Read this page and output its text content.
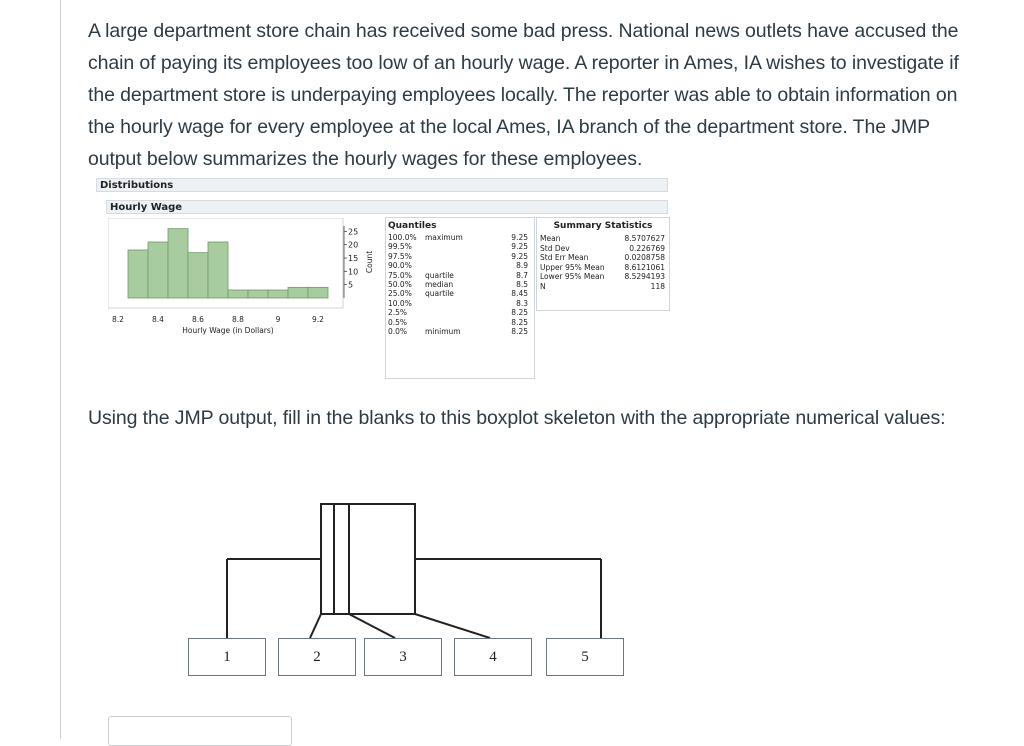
A large department store chain has received some bad press. National news outlets have accused the chain of paying its employees too low of an hourly wage. A reporter in Ames, IA wishes to investigate if the department store is underpaying employees locally. The reporter was able to obtain information on the hourly wage for every employee at the local Ames, IA branch of the department store. The JMP output below summarizes the hourly wages for these employees.

Distributions
Hourly Wage
5
10
15
20
25
Count
8.2	8.4	8.6	8.8	9	9.2
Hourly Wage (in Dollars)
Quantiles
100.0% maximum	9.25
99.5%	9.25
97.5%	9.25
90.0%	8.9
75.0% quartile	8.7
50.0% median	8.5
25.0% quartile	8.45
10.0%	8.3
2.5%	8.25
0.5%	8.25
0.0% minimum	8.25
Summary Statistics
Mean	8.5707627
Std Dev	0.226769
Std Err Mean	0.0208758
Upper 95% Mean	8.6121061
Lower 95% Mean	8.5294193
N	118

Using the JMP output, fill in the blanks to this boxplot skeleton with the appropriate numerical values:

1	2	3	4	5
